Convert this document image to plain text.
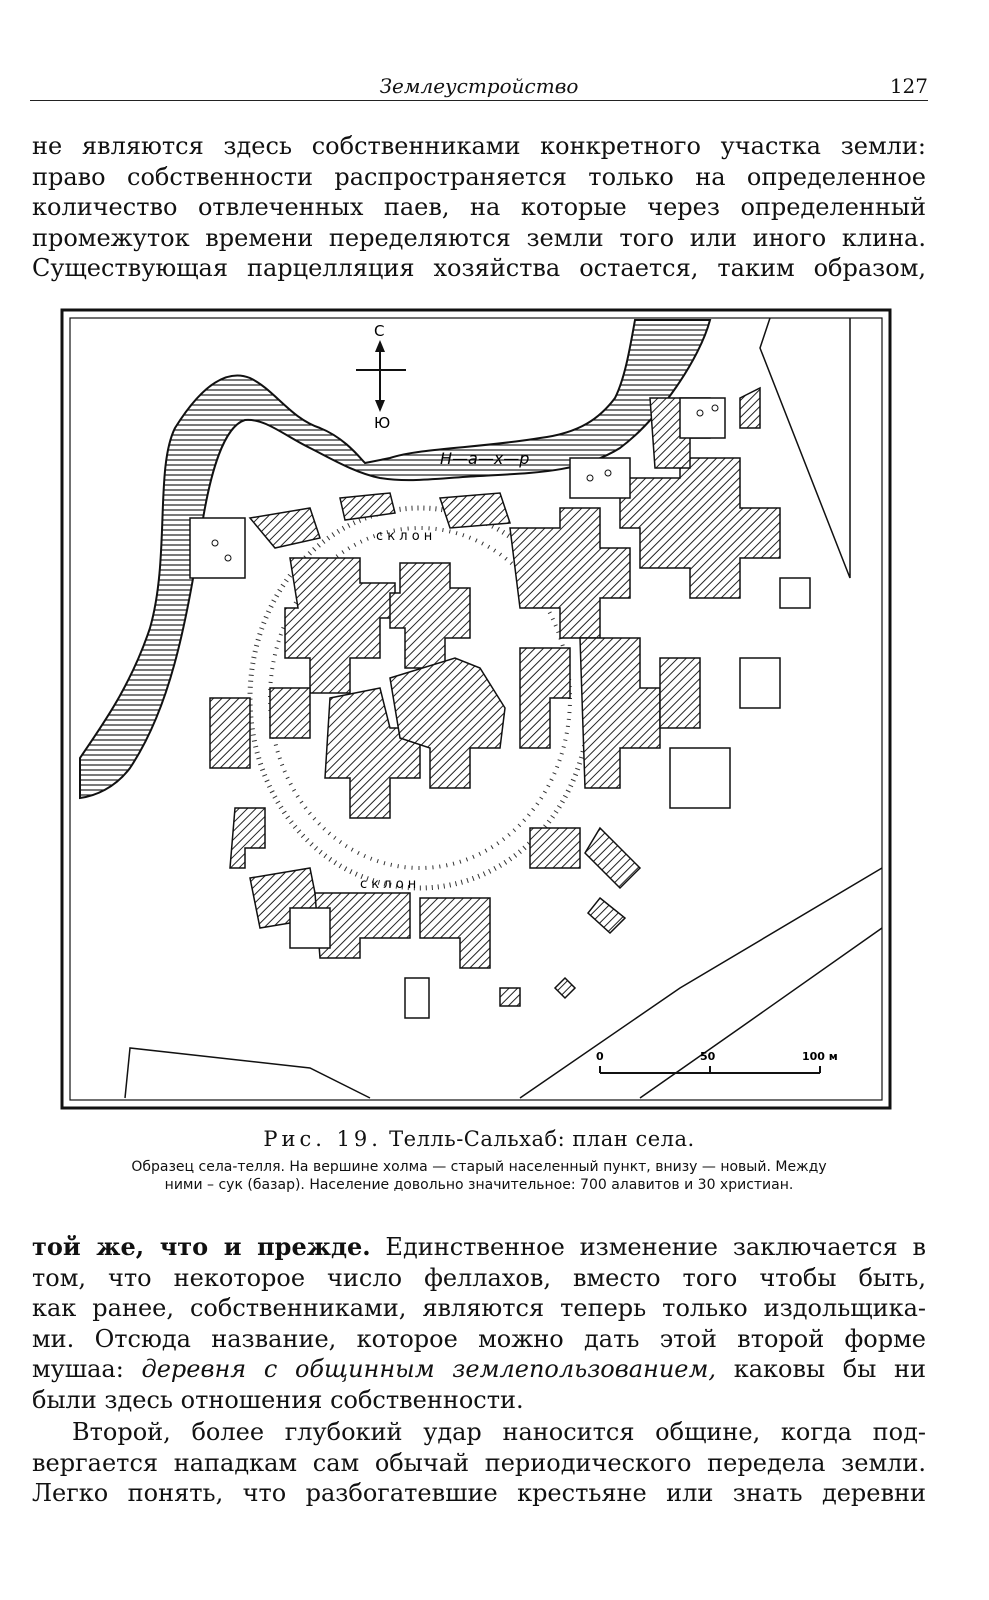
Землеустройство	127
не являются здесь собственниками конкретного участка земли:
право собственности распространяется только на определенное
количество отвлеченных паев, на которые через определенный
промежуток времени переделяются земли того или иного клина.
Существующая парцелляция хозяйства остается, таким образом,
Н—а—х—р
С
Ю
с к л о н
с к л о н
0	50	100 м
Рис. 19. Телль-Сальхаб: план села.
Образец села-телля. На вершине холма — старый населенный пункт, внизу — новый. Между
ними – сук (базар). Население довольно значительное: 700 алавитов и 30 христиан.
той же, что и прежде. Единственное изменение заключается в
том, что некоторое число феллахов, вместо того чтобы быть,
как ранее, собственниками, являются теперь только издольщика-
ми. Отсюда название, которое можно дать этой второй форме
мушаа: деревня с общинным землепользованием, каковы бы ни
были здесь отношения собственности.
Второй, более глубокий удар наносится общине, когда под-
вергается нападкам сам обычай периодического передела земли.
Легко понять, что разбогатевшие крестьяне или знать деревни
